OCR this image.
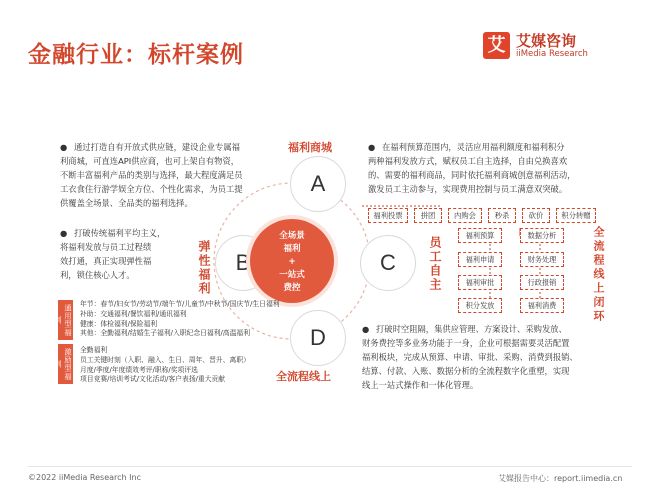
金融行业：标杆案例	艾 艾媒咨询
iiMedia Research
福利商城
弹性福利	员工自主
全流程线上
全流程线上闭环
A
B	C
D
全场景
福利
+
一站式
费控
● 通过打造自有开放式供应链，建设企业专属福
利商城，可直连API供应商，也可上架自有物资，
不断丰富福利产品的类别与选择，最大程度满足员
工衣食住行游学娱全方位、个性化需求，为员工提
供覆盖全场景、全品类的福利选择。
● 打破传统福利平均主义，
将福利发放与员工过程绩
效打通，真正实现弹性福
利，锁住核心人才。
● 在福利预算范围内，灵活应用福利额度和福利积分
两种福利发放方式，赋权员工自主选择，自由兑换喜欢
的、需要的福利商品，同时依托福利商城创意福利活动，
激发员工主动参与，实现费用控制与员工满意双突破。
● 打破时空阻隔，集供应管理、方案设计、采购发放、
财务费控等多业务功能于一身，企业可根据需要灵活配置
福利板块，完成从预算、申请、审批、采购、消费到报销、
结算、付款、入账、数据分析的全流程数字化重塑，实现
线上一站式操作和一体化管理。
福利投票	拼团	内购会	秒杀	砍价	积分转赠
福利预算
福利申请
福利审批
积分发放
数据分析
财务处理
行政报销
福利消费
通用型福利
激励型福利
年节：春节/妇女节/劳动节/端午节/儿童节/中秋节/国庆节/生日福利
补助：交通福利/餐饮福利/通讯福利
健康：体检福利/保险福利
其他：全勤福利/结婚生子福利/入职纪念日福利/高温福利
全勤福利
员工关键时刻（入职、融入、生日、周年、晋升、离职）
月度/季度/年度绩效考评/职称/奖项评选
项目竞赛/培训考试/文化活动/客户表扬/重大贡献
©2022 iiMedia Research Inc	艾媒报告中心：report.iimedia.cn
